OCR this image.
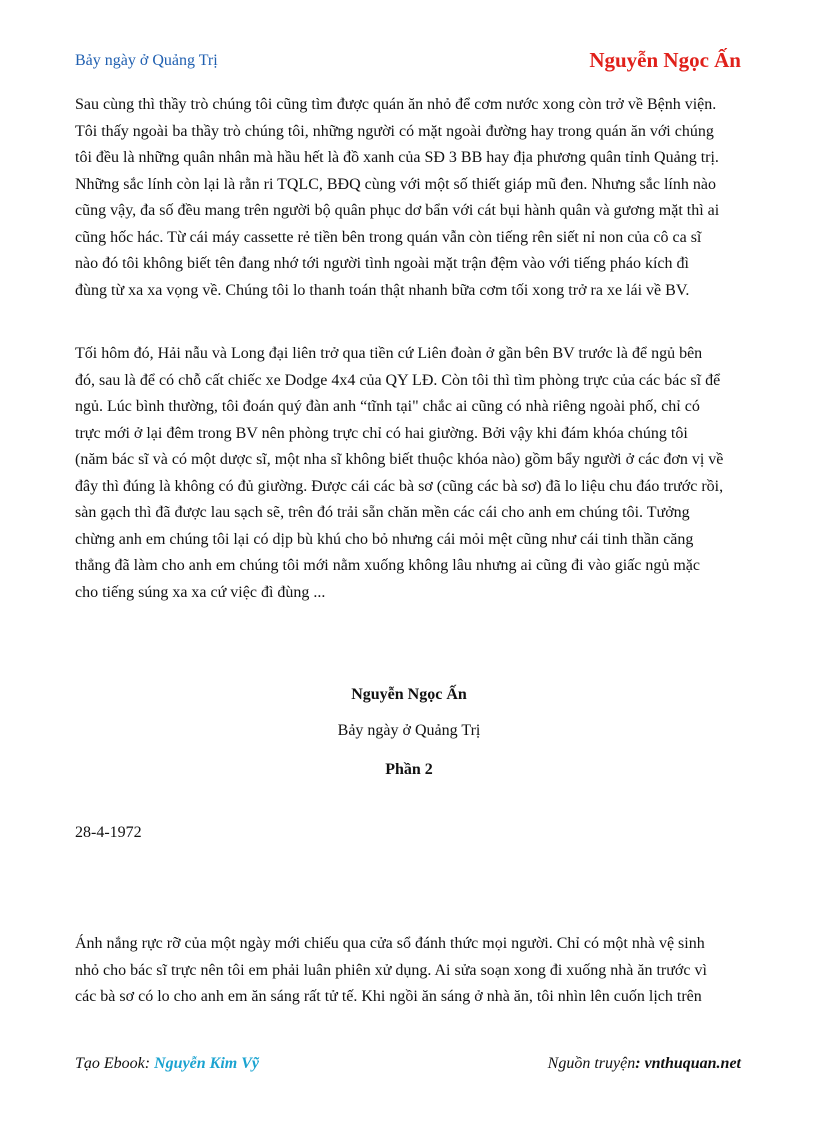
Bảy ngày ở Quảng Trị	Nguyễn Ngọc Ấn

Sau cùng thì thầy trò chúng tôi cũng tìm được quán ăn nhỏ để cơm nước xong còn trở về Bệnh viện.
Tôi thấy ngoài ba thầy trò chúng tôi, những người có mặt ngoài đường hay trong quán ăn với chúng
tôi đều là những quân nhân mà hầu hết là đồ xanh của SĐ 3 BB hay địa phương quân tỉnh Quảng trị.
Những sắc lính còn lại là rằn ri TQLC, BĐQ cùng với một số thiết giáp mũ đen. Nhưng sắc lính nào
cũng vậy, đa số đều mang trên người bộ quân phục dơ bẩn với cát bụi hành quân và gương mặt thì ai
cũng hốc hác. Từ cái máy cassette rẻ tiền bên trong quán vẫn còn tiếng rên siết nỉ non của cô ca sĩ
nào đó tôi không biết tên đang nhớ tới người tình ngoài mặt trận đệm vào với tiếng pháo kích đì
đùng từ xa xa vọng về. Chúng tôi lo thanh toán thật nhanh bữa cơm tối xong trở ra xe lái về BV.

Tối hôm đó, Hải nẫu và Long đại liên trở qua tiền cứ Liên đoàn ở gần bên BV trước là để ngủ bên
đó, sau là để có chỗ cất chiếc xe Dodge 4x4 của QY LĐ. Còn tôi thì tìm phòng trực của các bác sĩ để
ngủ. Lúc bình thường, tôi đoán quý đàn anh “tĩnh tại" chắc ai cũng có nhà riêng ngoài phố, chỉ có
trực mới ở lại đêm trong BV nên phòng trực chỉ có hai giường. Bởi vậy khi đám khóa chúng tôi
(năm bác sĩ và có một dược sĩ, một nha sĩ không biết thuộc khóa nào) gồm bẩy người ở các đơn vị về
đây thì đúng là không có đủ giường. Được cái các bà sơ (cũng các bà sơ) đã lo liệu chu đáo trước rồi,
sàn gạch thì đã được lau sạch sẽ, trên đó trải sẵn chăn mền các cái cho anh em chúng tôi. Tưởng
chừng anh em chúng tôi lại có dịp bù khú cho bỏ nhưng cái mỏi mệt cũng như cái tinh thần căng
thẳng đã làm cho anh em chúng tôi mới nằm xuống không lâu nhưng ai cũng đi vào giấc ngủ mặc
cho tiếng súng xa xa cứ việc đì đùng ...

Nguyễn Ngọc Ấn
Bảy ngày ở Quảng Trị
Phần 2
28-4-1972

Ánh nắng rực rỡ của một ngày mới chiếu qua cửa sổ đánh thức mọi người. Chỉ có một nhà vệ sinh
nhỏ cho bác sĩ trực nên tôi em phải luân phiên xử dụng. Ai sửa soạn xong đi xuống nhà ăn trước vì
các bà sơ có lo cho anh em ăn sáng rất tử tế. Khi ngồi ăn sáng ở nhà ăn, tôi nhìn lên cuốn lịch trên

Tạo Ebook: Nguyễn Kim Vỹ	Nguồn truyện: vnthuquan.net
